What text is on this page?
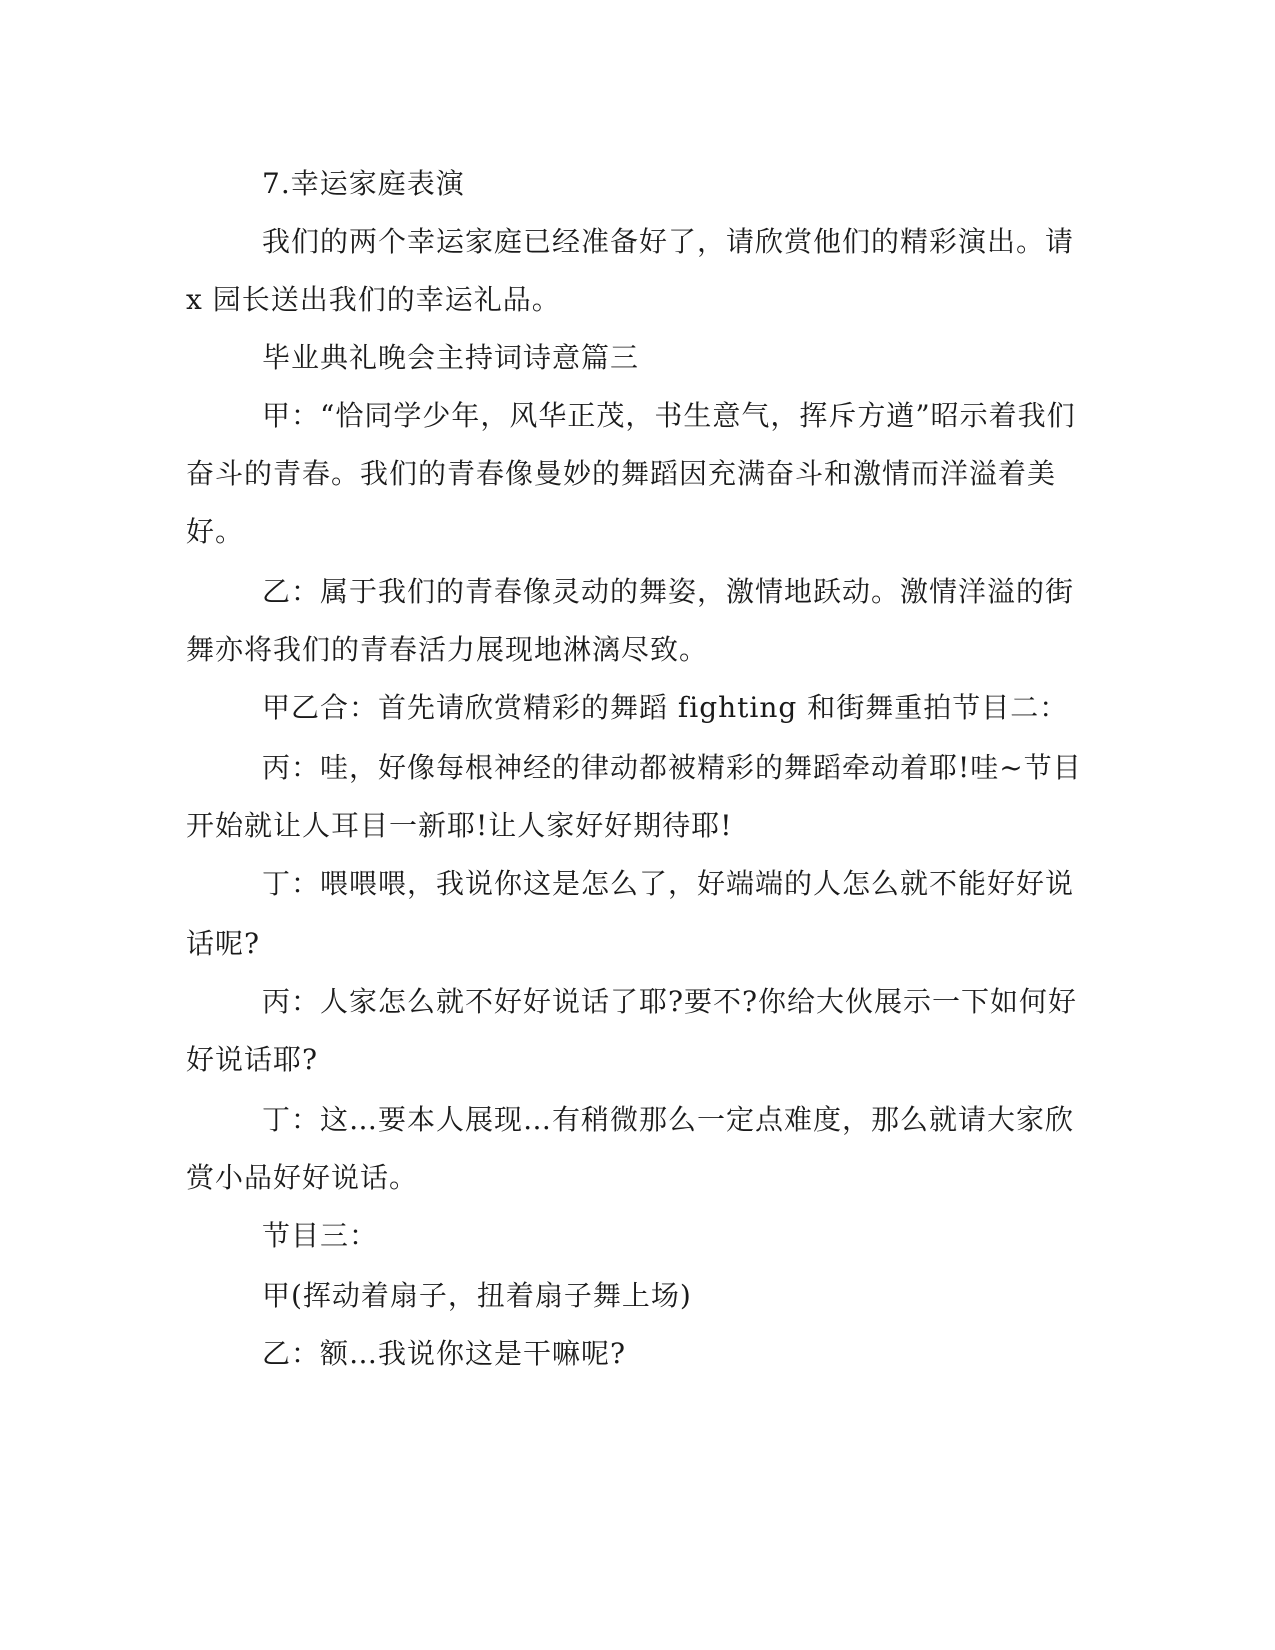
7.幸运家庭表演
我们的两个幸运家庭已经准备好了，请欣赏他们的精彩演出。请
x 园长送出我们的幸运礼品。
毕业典礼晚会主持词诗意篇三
甲：“恰同学少年，风华正茂，书生意气，挥斥方遒”昭示着我们
奋斗的青春。我们的青春像曼妙的舞蹈因充满奋斗和激情而洋溢着美
好。
乙：属于我们的青春像灵动的舞姿，激情地跃动。激情洋溢的街
舞亦将我们的青春活力展现地淋漓尽致。
甲乙合：首先请欣赏精彩的舞蹈 fighting 和街舞重拍节目二：
丙：哇，好像每根神经的律动都被精彩的舞蹈牵动着耶!哇~节目
开始就让人耳目一新耶!让人家好好期待耶!
丁：喂喂喂，我说你这是怎么了，好端端的人怎么就不能好好说
话呢?
丙：人家怎么就不好好说话了耶?要不?你给大伙展示一下如何好
好说话耶?
丁：这…要本人展现…有稍微那么一定点难度，那么就请大家欣
赏小品好好说话。
节目三：
甲(挥动着扇子，扭着扇子舞上场)
乙：额…我说你这是干嘛呢?
